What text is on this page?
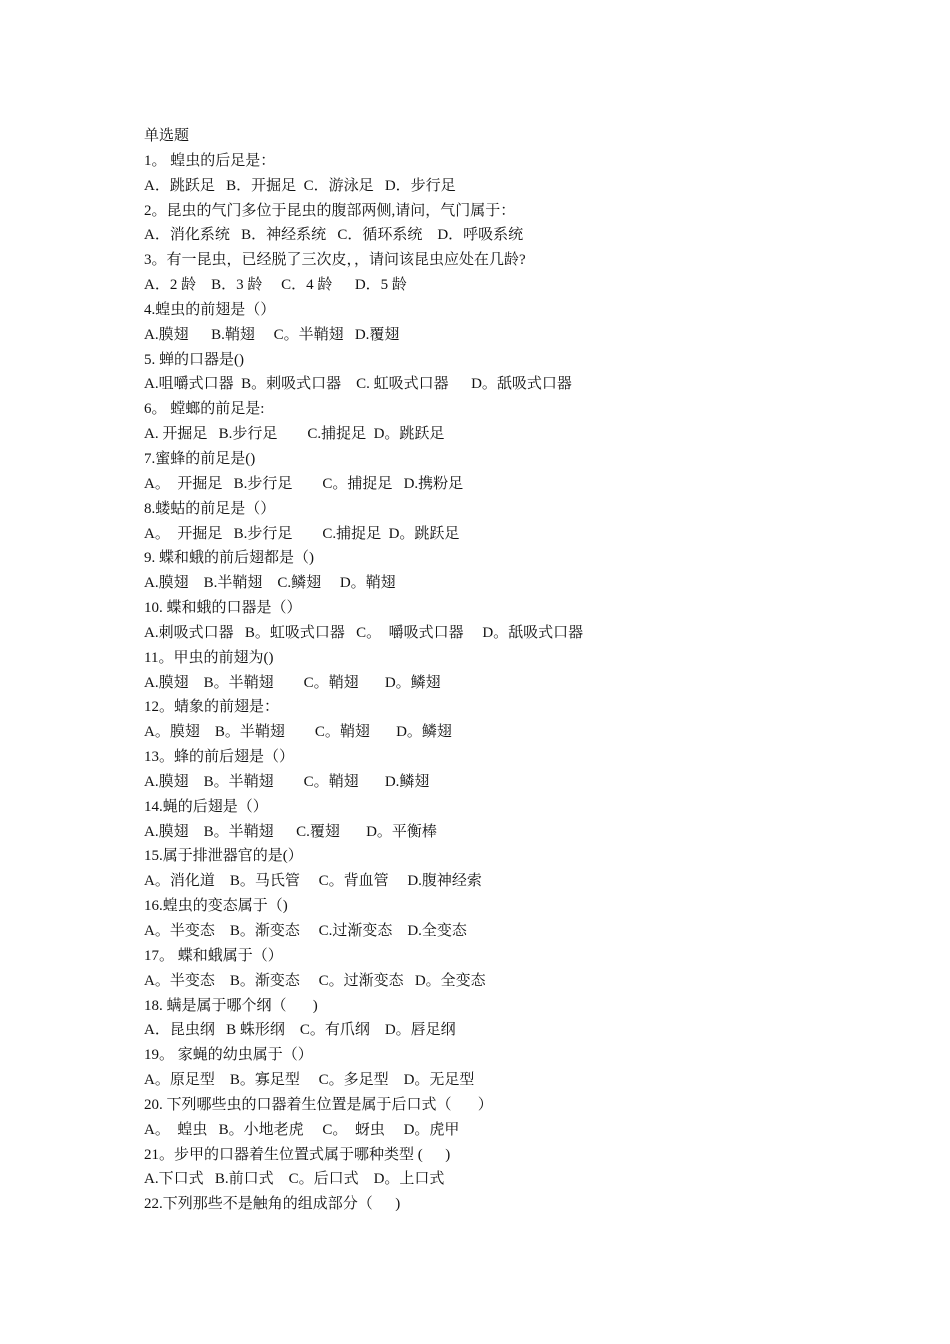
单选题
1。 蝗虫的后足是：
A．跳跃足   B．开掘足  C．游泳足   D．步行足
2。昆虫的气门多位于昆虫的腹部两侧,请问，气门属于：
A．消化系统   B．神经系统   C．循环系统    D．呼吸系统
3。有一昆虫，已经脱了三次皮，，请问该昆虫应处在几龄?
A．2 龄    B．3 龄     C．4 龄      D．5 龄
4.蝗虫的前翅是（）
A.膜翅      B.鞘翅     C。半鞘翅   D.覆翅
5. 蝉的口器是()
A.咀嚼式口器  B。刺吸式口器    C. 虹吸式口器      D。舐吸式口器
6。 螳螂的前足是:
A. 开掘足   B.步行足        C.捕捉足  D。跳跃足
7.蜜蜂的前足是()
A。  开掘足   B.步行足        C。捕捉足   D.携粉足
8.蝼蛄的前足是（）
A。  开掘足   B.步行足        C.捕捉足  D。跳跃足
9. 蝶和蛾的前后翅都是（)
A.膜翅    B.半鞘翅    C.鳞翅     D。鞘翅
10. 蝶和蛾的口器是（）
A.刺吸式口器   B。虹吸式口器   C。  嚼吸式口器     D。舐吸式口器
11。甲虫的前翅为()
A.膜翅    B。半鞘翅        C。鞘翅       D。鳞翅
12。蜻象的前翅是：
A。膜翅    B。半鞘翅        C。鞘翅       D。鳞翅
13。蜂的前后翅是（）
A.膜翅    B。半鞘翅        C。鞘翅       D.鳞翅
14.蝇的后翅是（）
A.膜翅    B。半鞘翅      C.覆翅       D。平衡棒
15.属于排泄器官的是(）
A。消化道    B。马氏管     C。背血管     D.腹神经索
16.蝗虫的变态属于（)
A。半变态    B。渐变态     C.过渐变态    D.全变态
17。 蝶和蛾属于（）
A。半变态    B。渐变态     C。过渐变态   D。全变态
18. 螨是属于哪个纲（       )
A．昆虫纲   B 蛛形纲    C。有爪纲    D。唇足纲
19。 家蝇的幼虫属于（）
A。原足型    B。寡足型     C。多足型    D。无足型
20. 下列哪些虫的口器着生位置是属于后口式（       ）
A。  蝗虫   B。小地老虎     C。  蚜虫     D。虎甲
21。步甲的口器着生位置式属于哪种类型 (      )
A.下口式   B.前口式    C。后口式    D。上口式
22.下列那些不是触角的组成部分（      )
